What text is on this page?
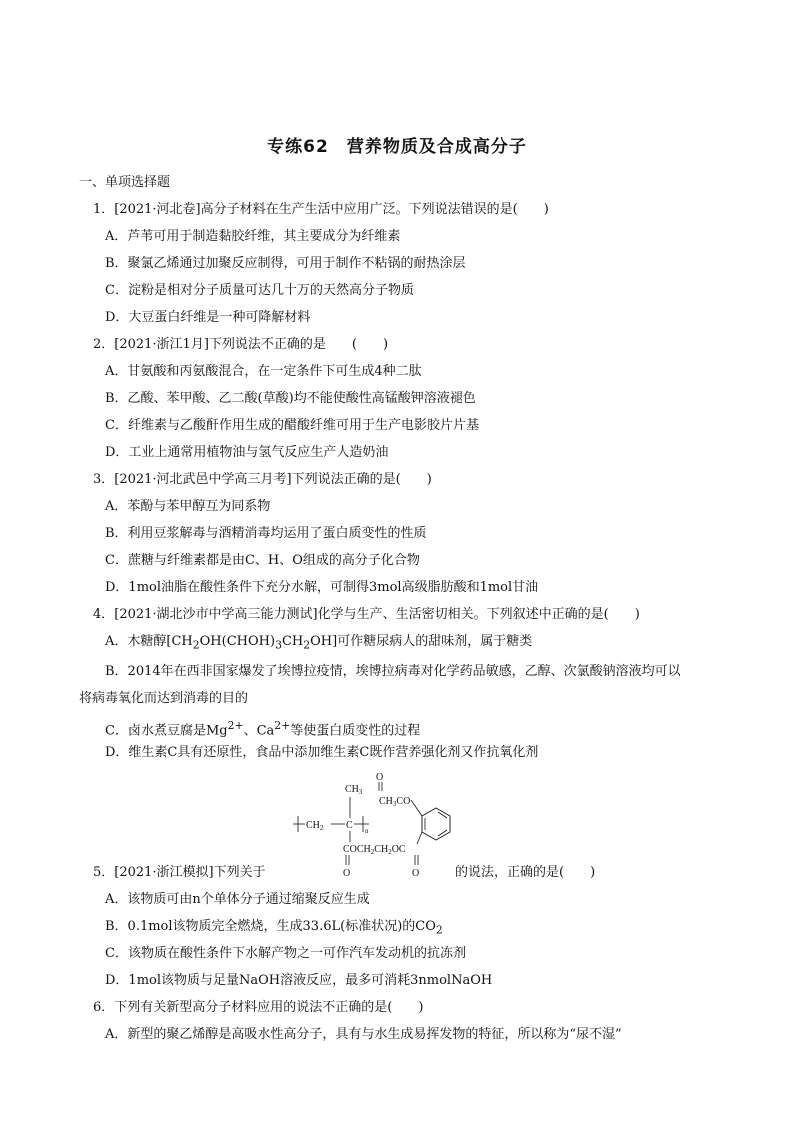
专练62　营养物质及合成高分子
一、单项选择题
1．[2021·河北卷]高分子材料在生产生活中应用广泛。下列说法错误的是(　　)
A．芦苇可用于制造黏胶纤维，其主要成分为纤维素
B．聚氯乙烯通过加聚反应制得，可用于制作不粘锅的耐热涂层
C．淀粉是相对分子质量可达几十万的天然高分子物质
D．大豆蛋白纤维是一种可降解材料
2．[2021·浙江1月]下列说法不正确的是　　(　　)
A．甘氨酸和丙氨酸混合，在一定条件下可生成4种二肽
B．乙酸、苯甲酸、乙二酸(草酸)均不能使酸性高锰酸钾溶液褪色
C．纤维素与乙酸酐作用生成的醋酸纤维可用于生产电影胶片片基
D．工业上通常用植物油与氢气反应生产人造奶油
3．[2021·河北武邑中学高三月考]下列说法正确的是(　　)
A．苯酚与苯甲醇互为同系物
B．利用豆浆解毒与酒精消毒均运用了蛋白质变性的性质
C．蔗糖与纤维素都是由C、H、O组成的高分子化合物
D．1mol油脂在酸性条件下充分水解，可制得3mol高级脂肪酸和1mol甘油
4．[2021·湖北沙市中学高三能力测试]化学与生产、生活密切相关。下列叙述中正确的是(　　)
A．木糖醇$[CH_2OH(CHOH)_3CH_2OH]$可作糖尿病人的甜味剂，属于糖类
B．2014年在西非国家爆发了埃博拉疫情，埃博拉病毒对化学药品敏感，乙醇、次氯酸钠溶液均可以
将病毒氧化而达到消毒的目的
C．卤水煮豆腐是$Mg^{2+}$、$Ca^{2+}$等使蛋白质变性的过程
D．维生素C具有还原性，食品中添加维生素C既作营养强化剂又作抗氧化剂
O
$CH_3CO$
$CH_3$
$CH_2$ C n
$COCH_2CH_2OC$
O	O
5．[2021·浙江模拟]下列关于	的说法，正确的是(　　)
A．该物质可由n个单体分子通过缩聚反应生成
B．0.1mol该物质完全燃烧，生成33.6L(标准状况)的$CO_2$
C．该物质在酸性条件下水解产物之一可作汽车发动机的抗冻剂
D．1mol该物质与足量NaOH溶液反应，最多可消耗3nmolNaOH
6．下列有关新型高分子材料应用的说法不正确的是(　　)
A．新型的聚乙烯醇是高吸水性高分子，具有与水生成易挥发物的特征，所以称为“尿不湿”
